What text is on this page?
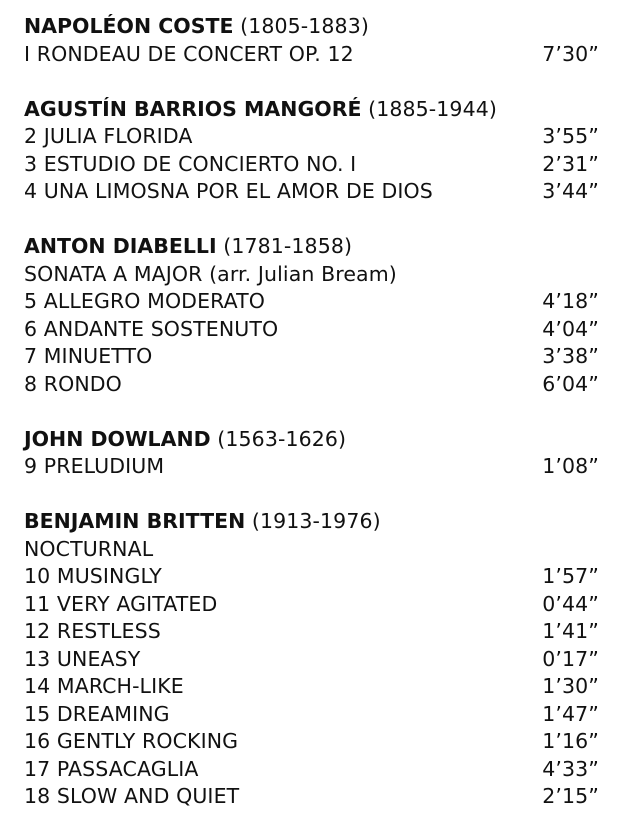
NAPOLÉON COSTE (1805-1883)
I RONDEAU DE CONCERT OP. 12	7’30”
AGUSTÍN BARRIOS MANGORÉ (1885-1944)
2 JULIA FLORIDA	3’55”
3 ESTUDIO DE CONCIERTO NO. I	2’31”
4 UNA LIMOSNA POR EL AMOR DE DIOS	3’44”
ANTON DIABELLI (1781-1858)
SONATA A MAJOR (arr. Julian Bream)
5 ALLEGRO MODERATO	4’18”
6 ANDANTE SOSTENUTO	4’04”
7 MINUETTO	3’38”
8 RONDO	6’04”
JOHN DOWLAND (1563-1626)
9 PRELUDIUM	1’08”
BENJAMIN BRITTEN (1913-1976)
NOCTURNAL
10 MUSINGLY	1’57”
11 VERY AGITATED	0’44”
12 RESTLESS	1’41”
13 UNEASY	0’17”
14 MARCH-LIKE	1’30”
15 DREAMING	1’47”
16 GENTLY ROCKING	1’16”
17 PASSACAGLIA	4’33”
18 SLOW AND QUIET	2’15”
